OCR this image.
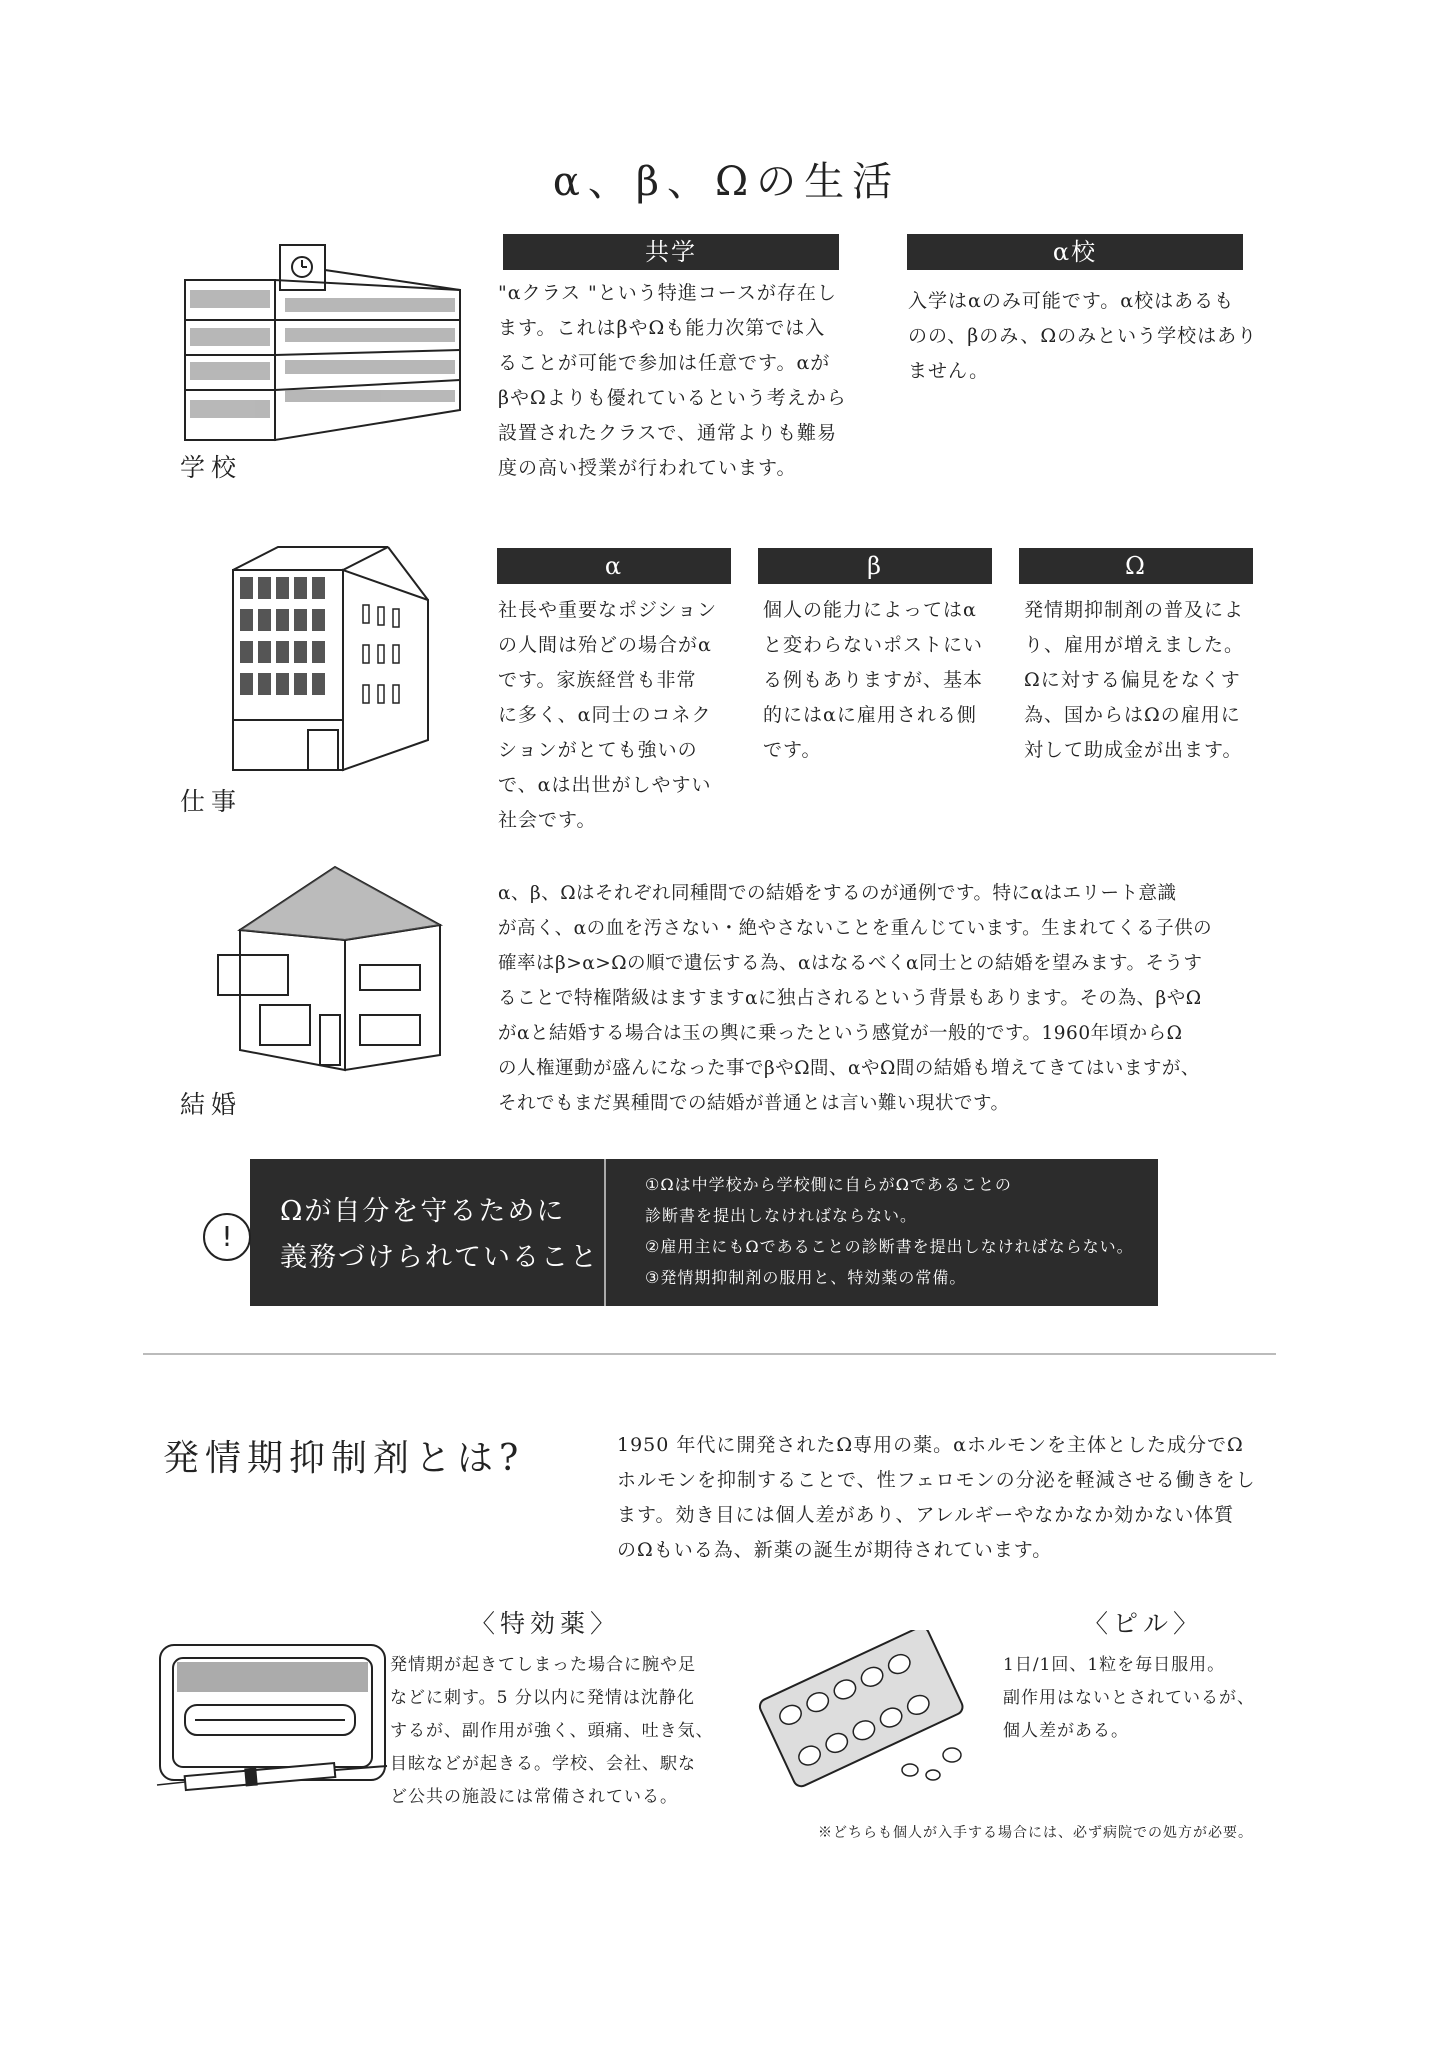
α、β、Ωの生活
学校
共学
"αクラス "という特進コースが存在し
ます。これはβやΩも能力次第では入
ることが可能で参加は任意です。αが
βやΩよりも優れているという考えから
設置されたクラスで、通常よりも難易
度の高い授業が行われています。
α校
入学はαのみ可能です。α校はあるも
のの、βのみ、Ωのみという学校はあり
ません。
仕事
α
社長や重要なポジション
の人間は殆どの場合がα
です。家族経営も非常
に多く、α同士のコネク
ションがとても強いの
で、αは出世がしやすい
社会です。
β
個人の能力によってはα
と変わらないポストにい
る例もありますが、基本
的にはαに雇用される側
です。
Ω
発情期抑制剤の普及によ
り、雇用が増えました。
Ωに対する偏見をなくす
為、国からはΩの雇用に
対して助成金が出ます。
結婚
α、β、Ωはそれぞれ同種間での結婚をするのが通例です。特にαはエリート意識
が高く、αの血を汚さない・絶やさないことを重んじています。生まれてくる子供の
確率はβ>α>Ωの順で遺伝する為、αはなるべくα同士との結婚を望みます。そうす
ることで特権階級はますますαに独占されるという背景もあります。その為、βやΩ
がαと結婚する場合は玉の輿に乗ったという感覚が一般的です。1960年頃からΩ
の人権運動が盛んになった事でβやΩ間、αやΩ間の結婚も増えてきてはいますが、
それでもまだ異種間での結婚が普通とは言い難い現状です。
Ωが自分を守るために
義務づけられていること
①Ωは中学校から学校側に自らがΩであることの
診断書を提出しなければならない。
②雇用主にもΩであることの診断書を提出しなければならない。
③発情期抑制剤の服用と、特効薬の常備。
!
発情期抑制剤とは?	1950 年代に開発されたΩ専用の薬。αホルモンを主体とした成分でΩ
ホルモンを抑制することで、性フェロモンの分泌を軽減させる働きをし
ます。効き目には個人差があり、アレルギーやなかなか効かない体質
のΩもいる為、新薬の誕生が期待されています。
〈特効薬〉
発情期が起きてしまった場合に腕や足
などに刺す。5 分以内に発情は沈静化
するが、副作用が強く、頭痛、吐き気、
目眩などが起きる。学校、会社、駅な
ど公共の施設には常備されている。
〈ピル〉
1日/1回、1粒を毎日服用。
副作用はないとされているが、
個人差がある。
※どちらも個人が入手する場合には、必ず病院での処方が必要。
